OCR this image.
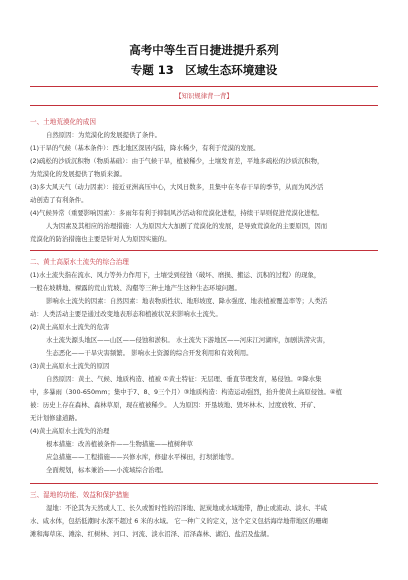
高考中等生百日捷进提升系列
专题 13　区域生态环境建设
【知识规律背一背】
一、土地荒漠化的成因
自然原因：为荒漠化的发展提供了条件。
(1)干旱的气候（基本条件）：西北地区深居内陆，降水稀少，有利于荒漠的发展。
(2)疏松的沙质沉积物（物质基础）：由于气候干旱，植被稀少，土壤发育差，平地多疏松的沙质沉积物，
为荒漠化的发展提供了物质来源。
(3)多大风天气（动力因素）：接近亚洲高压中心，大风日数多，且集中在冬春干旱的季节，从而为风沙活
动创造了有利条件。
(4)气候异常（重要影响因素）：多雨年有利于抑制风沙活动和荒漠化进程，持续干旱则促进荒漠化进程。
人为因素及其相应的治理措施：人为原因大大加剧了荒漠化的发展，是导致荒漠化的主要原因，因而
荒漠化的防治措施也主要是针对人为原因实施的。
二、黄土高原水土流失的综合治理
(1)水土流失指在流水、风力等外力作用下，土壤受到侵蚀（破坏、磨损、搬运、沉积的过程）的现象，
一般在坡耕地、裸露的荒山荒坡、沟壑等三种土地产生这种生态环境问题。
影响水土流失的因素：自然因素：地表物质性状、地形坡度、降水强度、地表植被覆盖率等；人类活
动：人类活动主要是通过改变地表形态和植被状况来影响水土流失。
(2)黄土高原水土流失的危害
水土流失源头地区——山区——侵蚀和淤积。 水土流失下游地区——河床江河湖库，加剧洪涝灾害，
生态恶化——干旱灾害频繁。 影响水土资源的综合开发利用和有效利用。
(3)黄土高原水土流失的原因
自然原因：黄土、气候、地质构造、植被 ①黄土特征：无层理、垂直节理发育，易侵蚀。②降水集
中，多暴雨（300-650mm；集中于7、8、9三个月）③地质构造：构造运动强烈，抬升使黄土高原侵蚀。④植
被：历史上存在森林、森林草原，现在植被稀少。 人为原因：开垦坡地、毁坏林木、过度放牧、开矿、
无计划修建道路。
(4)黄土高原水土流失的治理
根本措施：改善植被条件——生物措施——植树种草
应急措施——工程措施——兴修水库，修建水平梯田，打坝淤地等。
全面规划，标本兼治——小流域综合治理。
三、湿地的功能、效益和保护措施
湿地：不论其为天然或人工、长久或暂时性的沼泽地、泥炭地或水域地带，静止或流动、淡水、半咸
水、咸水体，包括低潮时水深不超过 6 米的水域。 它一种广义的定义，这个定义包括海岸地带地区的珊瑚
滩和海草床、滩涂、红树林、河口、河流、淡水沼泽、沼泽森林、湖泊、盐沼及盐湖。
